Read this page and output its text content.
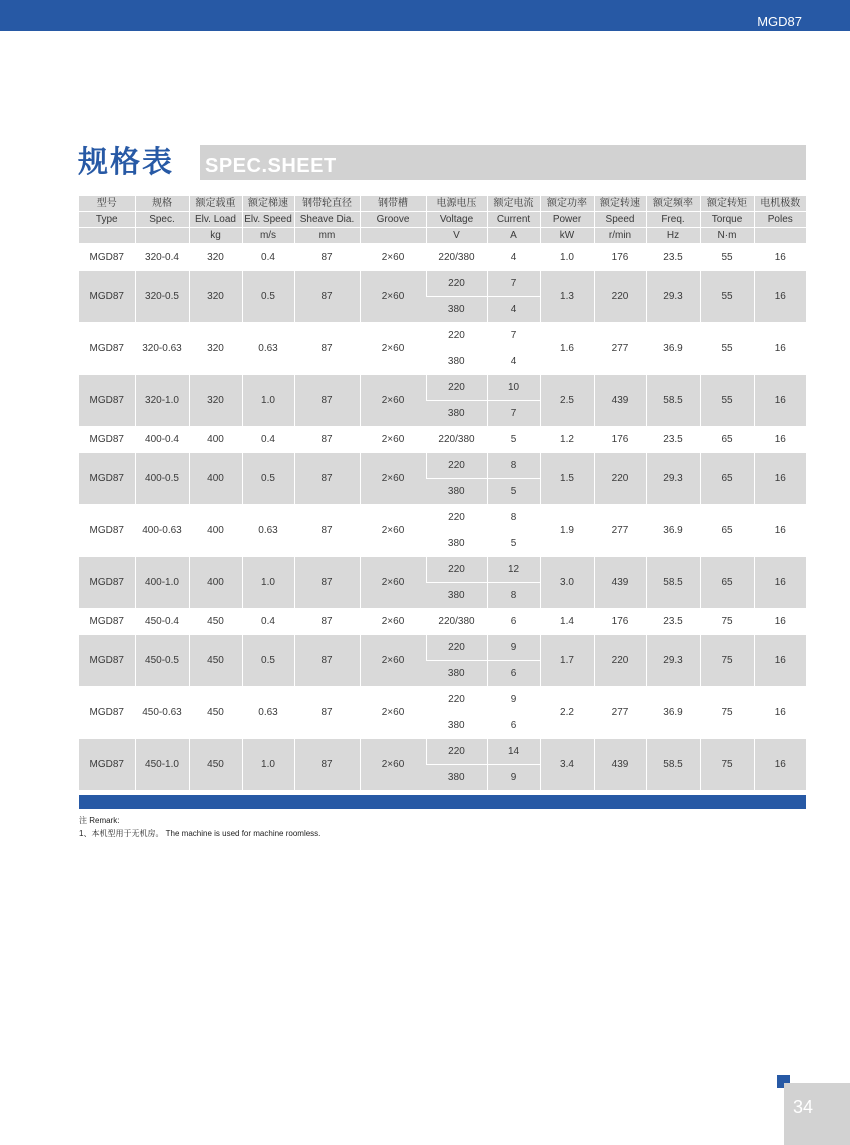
MGD87
规格表 SPEC.SHEET
型号	规格	额定载重	额定梯速	钢带轮直径	钢带槽	电源电压	额定电流	额定功率	额定转速	额定频率	额定转矩	电机极数
Type	Spec.	Elv. Load	Elv. Speed	Sheave Dia.	Groove	Voltage	Current	Power	Speed	Freq.	Torque	Poles
		kg	m/s	mm		V	A	kW	r/min	Hz	N·m	
MGD87	320-0.4	320	0.4	87	2×60	220/380	4	1.0	176	23.5	55	16
MGD87	320-0.5	320	0.5	87	2×60	220	7	1.3	220	29.3	55	16
						380	4					
MGD87	320-0.63	320	0.63	87	2×60	220	7	1.6	277	36.9	55	16
						380	4					
MGD87	320-1.0	320	1.0	87	2×60	220	10	2.5	439	58.5	55	16
						380	7					
MGD87	400-0.4	400	0.4	87	2×60	220/380	5	1.2	176	23.5	65	16
MGD87	400-0.5	400	0.5	87	2×60	220	8	1.5	220	29.3	65	16
						380	5					
MGD87	400-0.63	400	0.63	87	2×60	220	8	1.9	277	36.9	65	16
						380	5					
MGD87	400-1.0	400	1.0	87	2×60	220	12	3.0	439	58.5	65	16
						380	8					
MGD87	450-0.4	450	0.4	87	2×60	220/380	6	1.4	176	23.5	75	16
MGD87	450-0.5	450	0.5	87	2×60	220	9	1.7	220	29.3	75	16
						380	6					
MGD87	450-0.63	450	0.63	87	2×60	220	9	2.2	277	36.9	75	16
						380	6					
MGD87	450-1.0	450	1.0	87	2×60	220	14	3.4	439	58.5	75	16
						380	9					
注 Remark:
1、本机型用于无机房。 The machine is used for machine roomless.
34
